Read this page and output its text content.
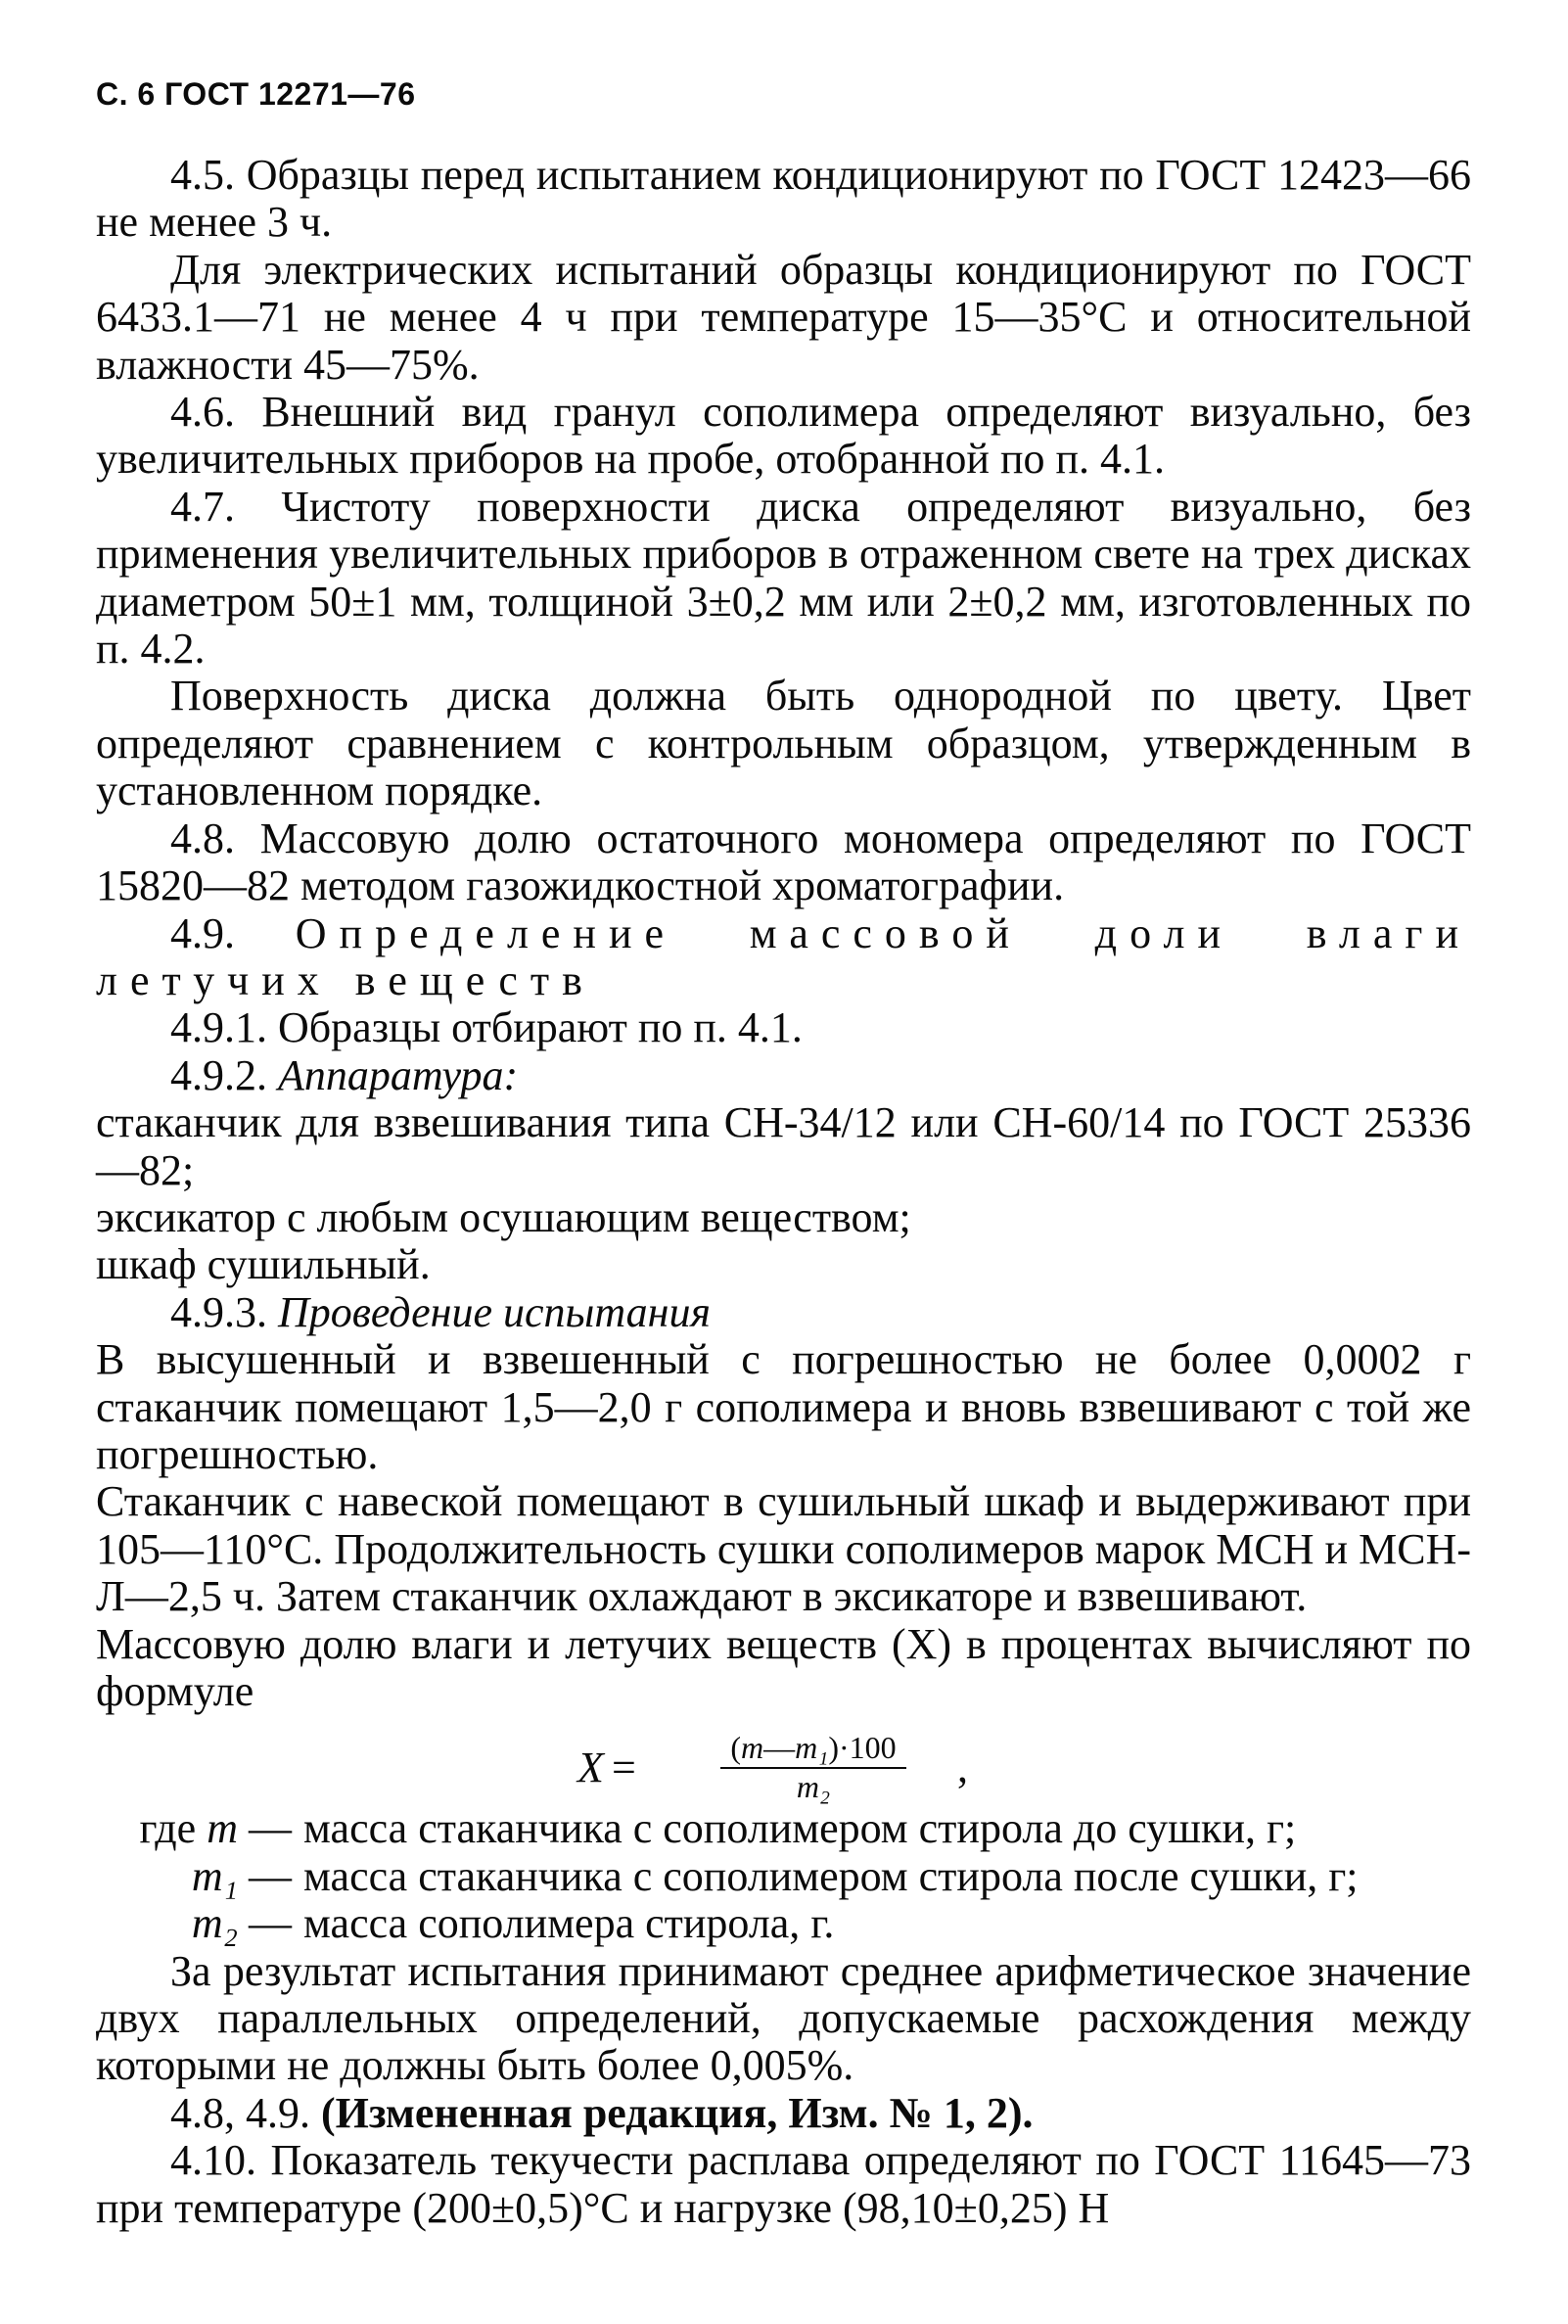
С. 6 ГОСТ 12271—76

4.5. Образцы перед испытанием кондиционируют по ГОСТ 12423—66 не менее 3 ч.

Для электрических испытаний образцы кондиционируют по ГОСТ 6433.1—71 не менее 4 ч при температуре 15—35°С и относительной влажности 45—75%.

4.6. Внешний вид гранул сополимера определяют визуально, без увеличительных приборов на пробе, отобранной по п. 4.1.

4.7. Чистоту поверхности диска определяют визуально, без применения увеличительных приборов в отраженном свете на трех дисках диаметром 50±1 мм, толщиной 3±0,2 мм или 2±0,2 мм, изготовленных по п. 4.2.

Поверхность диска должна быть однородной по цвету. Цвет определяют сравнением с контрольным образцом, утвержденным в установленном порядке.

4.8. Массовую долю остаточного мономера определяют по ГОСТ 15820—82 методом газожидкостной хроматографии.

4.9. Определение массовой доли влаги летучих веществ

4.9.1. Образцы отбирают по п. 4.1.

4.9.2. Аппаратура:

стаканчик для взвешивания типа СН-34/12 или СН-60/14 по ГОСТ 25336—82;

эксикатор с любым осушающим веществом;

шкаф сушильный.

4.9.3. Проведение испытания

В высушенный и взвешенный с погрешностью не более 0,0002 г стаканчик помещают 1,5—2,0 г сополимера и вновь взвешивают с той же погрешностью.

Стаканчик с навеской помещают в сушильный шкаф и выдерживают при 105—110°С. Продолжительность сушки сополимеров марок МСН и МСН-Л—2,5 ч. Затем стаканчик охлаждают в эксикаторе и взвешивают.

Массовую долю влаги и летучих веществ (X) в процентах вычисляют по формуле

$X = \frac{\text{(m—m₁)·100}}{\text{m₂}}$ ,
где m — масса стаканчика с сополимером стирола до сушки, г;
m₁ — масса стаканчика с сополимером стирола после сушки, г;
m₂ — масса сополимера стирола, г.

За результат испытания принимают среднее арифметическое значение двух параллельных определений, допускаемые расхождения между которыми не должны быть более 0,005%.

4.8, 4.9. (Измененная редакция, Изм. № 1, 2).

4.10. Показатель текучести расплава определяют по ГОСТ 11645—73 при температуре (200±0,5)°С и нагрузке (98,10±0,25) Н
